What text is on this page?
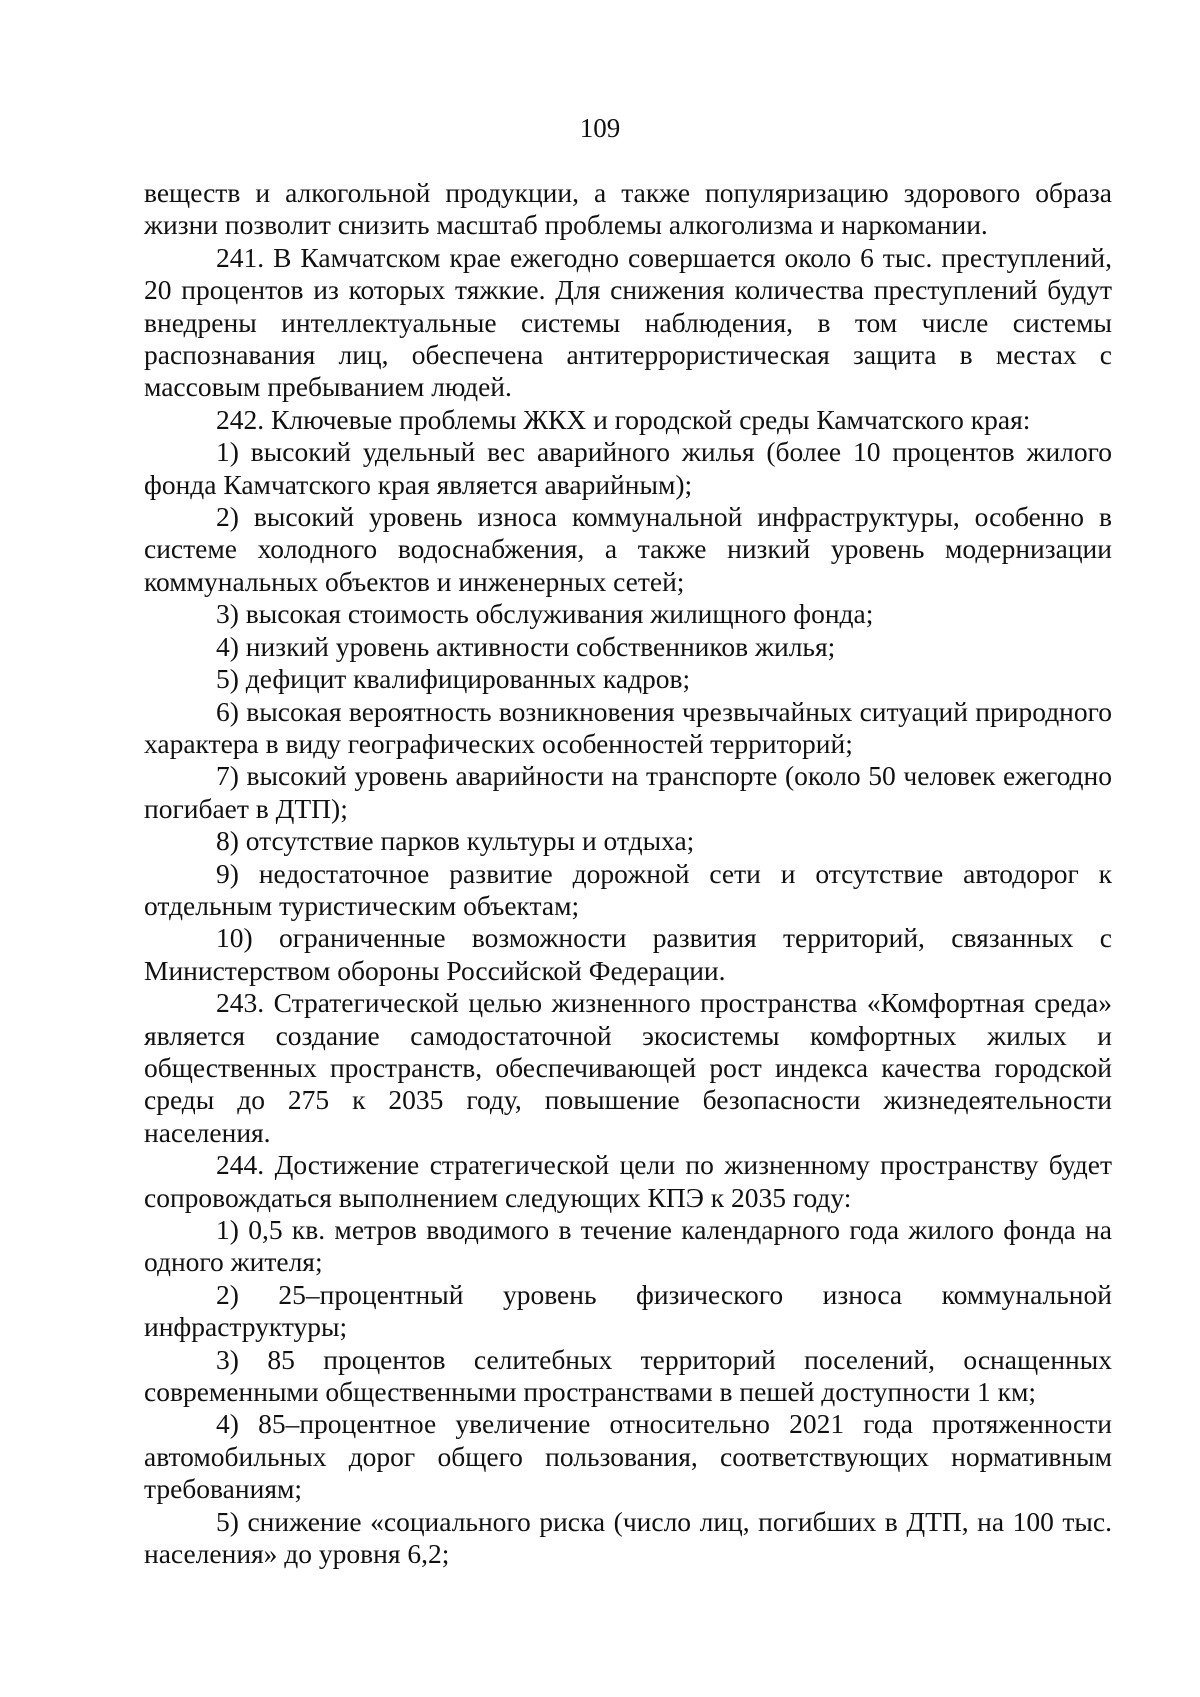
109

веществ и алкогольной продукции, а также популяризацию здорового образа жизни позволит снизить масштаб проблемы алкоголизма и наркомании.

241. В Камчатском крае ежегодно совершается около 6 тыс. преступлений, 20 процентов из которых тяжкие. Для снижения количества преступлений будут внедрены интеллектуальные системы наблюдения, в том числе системы распознавания лиц, обеспечена антитеррористическая защита в местах с массовым пребыванием людей.

242. Ключевые проблемы ЖКХ и городской среды Камчатского края:

1) высокий удельный вес аварийного жилья (более 10 процентов жилого фонда Камчатского края является аварийным);

2) высокий уровень износа коммунальной инфраструктуры, особенно в системе холодного водоснабжения, а также низкий уровень модернизации коммунальных объектов и инженерных сетей;

3) высокая стоимость обслуживания жилищного фонда;

4) низкий уровень активности собственников жилья;

5) дефицит квалифицированных кадров;

6) высокая вероятность возникновения чрезвычайных ситуаций природного характера в виду географических особенностей территорий;

7) высокий уровень аварийности на транспорте (около 50 человек ежегодно погибает в ДТП);

8) отсутствие парков культуры и отдыха;

9) недостаточное развитие дорожной сети и отсутствие автодорог к отдельным туристическим объектам;

10) ограниченные возможности развития территорий, связанных с Министерством обороны Российской Федерации.

243. Стратегической целью жизненного пространства «Комфортная среда» является создание самодостаточной экосистемы комфортных жилых и общественных пространств, обеспечивающей рост индекса качества городской среды до 275 к 2035 году, повышение безопасности жизнедеятельности населения.

244. Достижение стратегической цели по жизненному пространству будет сопровождаться выполнением следующих КПЭ к 2035 году:

1) 0,5 кв. метров вводимого в течение календарного года жилого фонда на одного жителя;

2) 25–процентный уровень физического износа коммунальной инфраструктуры;

3) 85 процентов селитебных территорий поселений, оснащенных современными общественными пространствами в пешей доступности 1 км;

4) 85–процентное увеличение относительно 2021 года протяженности автомобильных дорог общего пользования, соответствующих нормативным требованиям;

5) снижение «социального риска (число лиц, погибших в ДТП, на 100 тыс. населения» до уровня 6,2;
